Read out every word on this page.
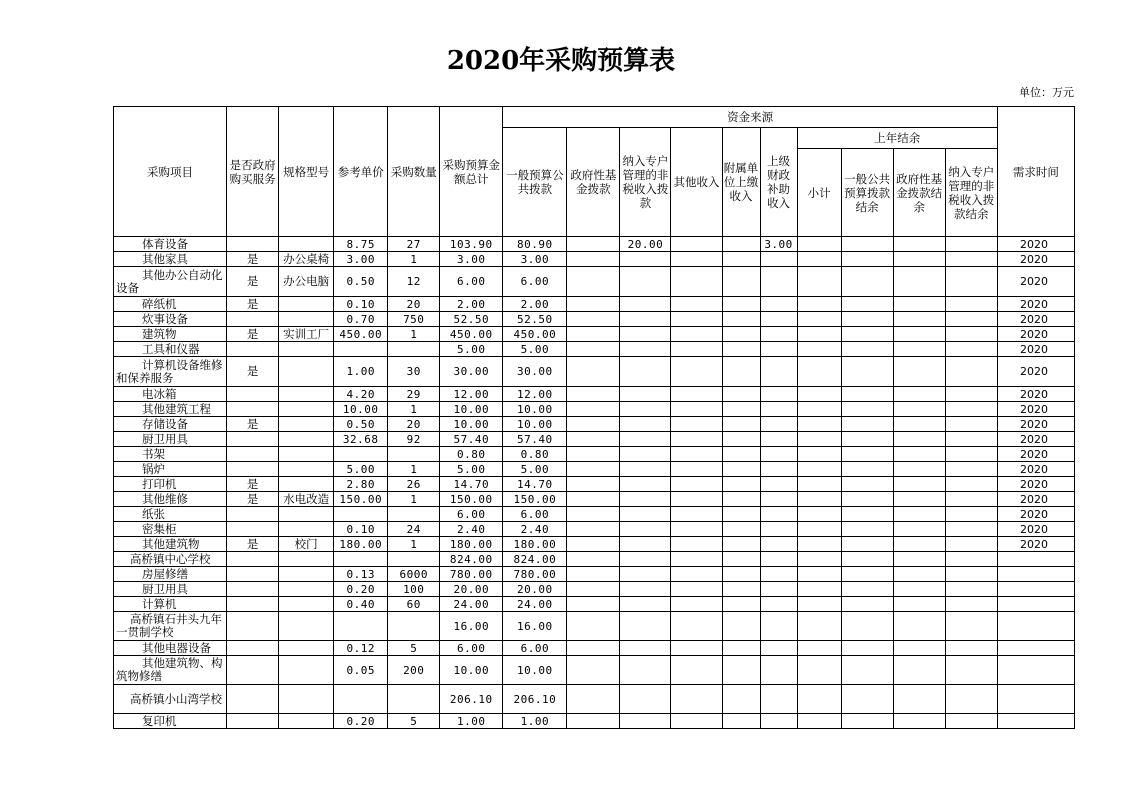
2020年采购预算表
单位：万元
采购项目	是否政府购买服务	规格型号	参考单价	采购数量	采购预算金额总计	资金来源										需求时间
						一般预算公共拨款	政府性基金拨款	纳入专户管理的非税收入拨款	其他收入	附属单位上缴收入	上级财政补助收入	上年结余				
												小计	一般公共预算拨款结余	政府性基金拨款结余	纳入专户管理的非税收入拨款结余	
体育设备			8.75	27	103.90	80.90		20.00			3.00					2020
其他家具	是	办公桌椅	3.00	1	3.00	3.00										2020
其他办公自动化设备	是	办公电脑	0.50	12	6.00	6.00										2020
碎纸机	是		0.10	20	2.00	2.00										2020
炊事设备			0.70	750	52.50	52.50										2020
建筑物	是	实训工厂	450.00	1	450.00	450.00										2020
工具和仪器					5.00	5.00										2020
计算机设备维修和保养服务	是		1.00	30	30.00	30.00										2020
电冰箱			4.20	29	12.00	12.00										2020
其他建筑工程			10.00	1	10.00	10.00										2020
存储设备	是		0.50	20	10.00	10.00										2020
厨卫用具			32.68	92	57.40	57.40										2020
书架					0.80	0.80										2020
锅炉			5.00	1	5.00	5.00										2020
打印机	是		2.80	26	14.70	14.70										2020
其他维修	是	水电改造	150.00	1	150.00	150.00										2020
纸张					6.00	6.00										2020
密集柜			0.10	24	2.40	2.40										2020
其他建筑物	是	校门	180.00	1	180.00	180.00										2020
高桥镇中心学校					824.00	824.00										
房屋修缮			0.13	6000	780.00	780.00										
厨卫用具			0.20	100	20.00	20.00										
计算机			0.40	60	24.00	24.00										
高桥镇石井头九年一贯制学校					16.00	16.00										
其他电器设备			0.12	5	6.00	6.00										
其他建筑物、构筑物修缮			0.05	200	10.00	10.00										
高桥镇小山湾学校					206.10	206.10										
复印机			0.20	5	1.00	1.00										
